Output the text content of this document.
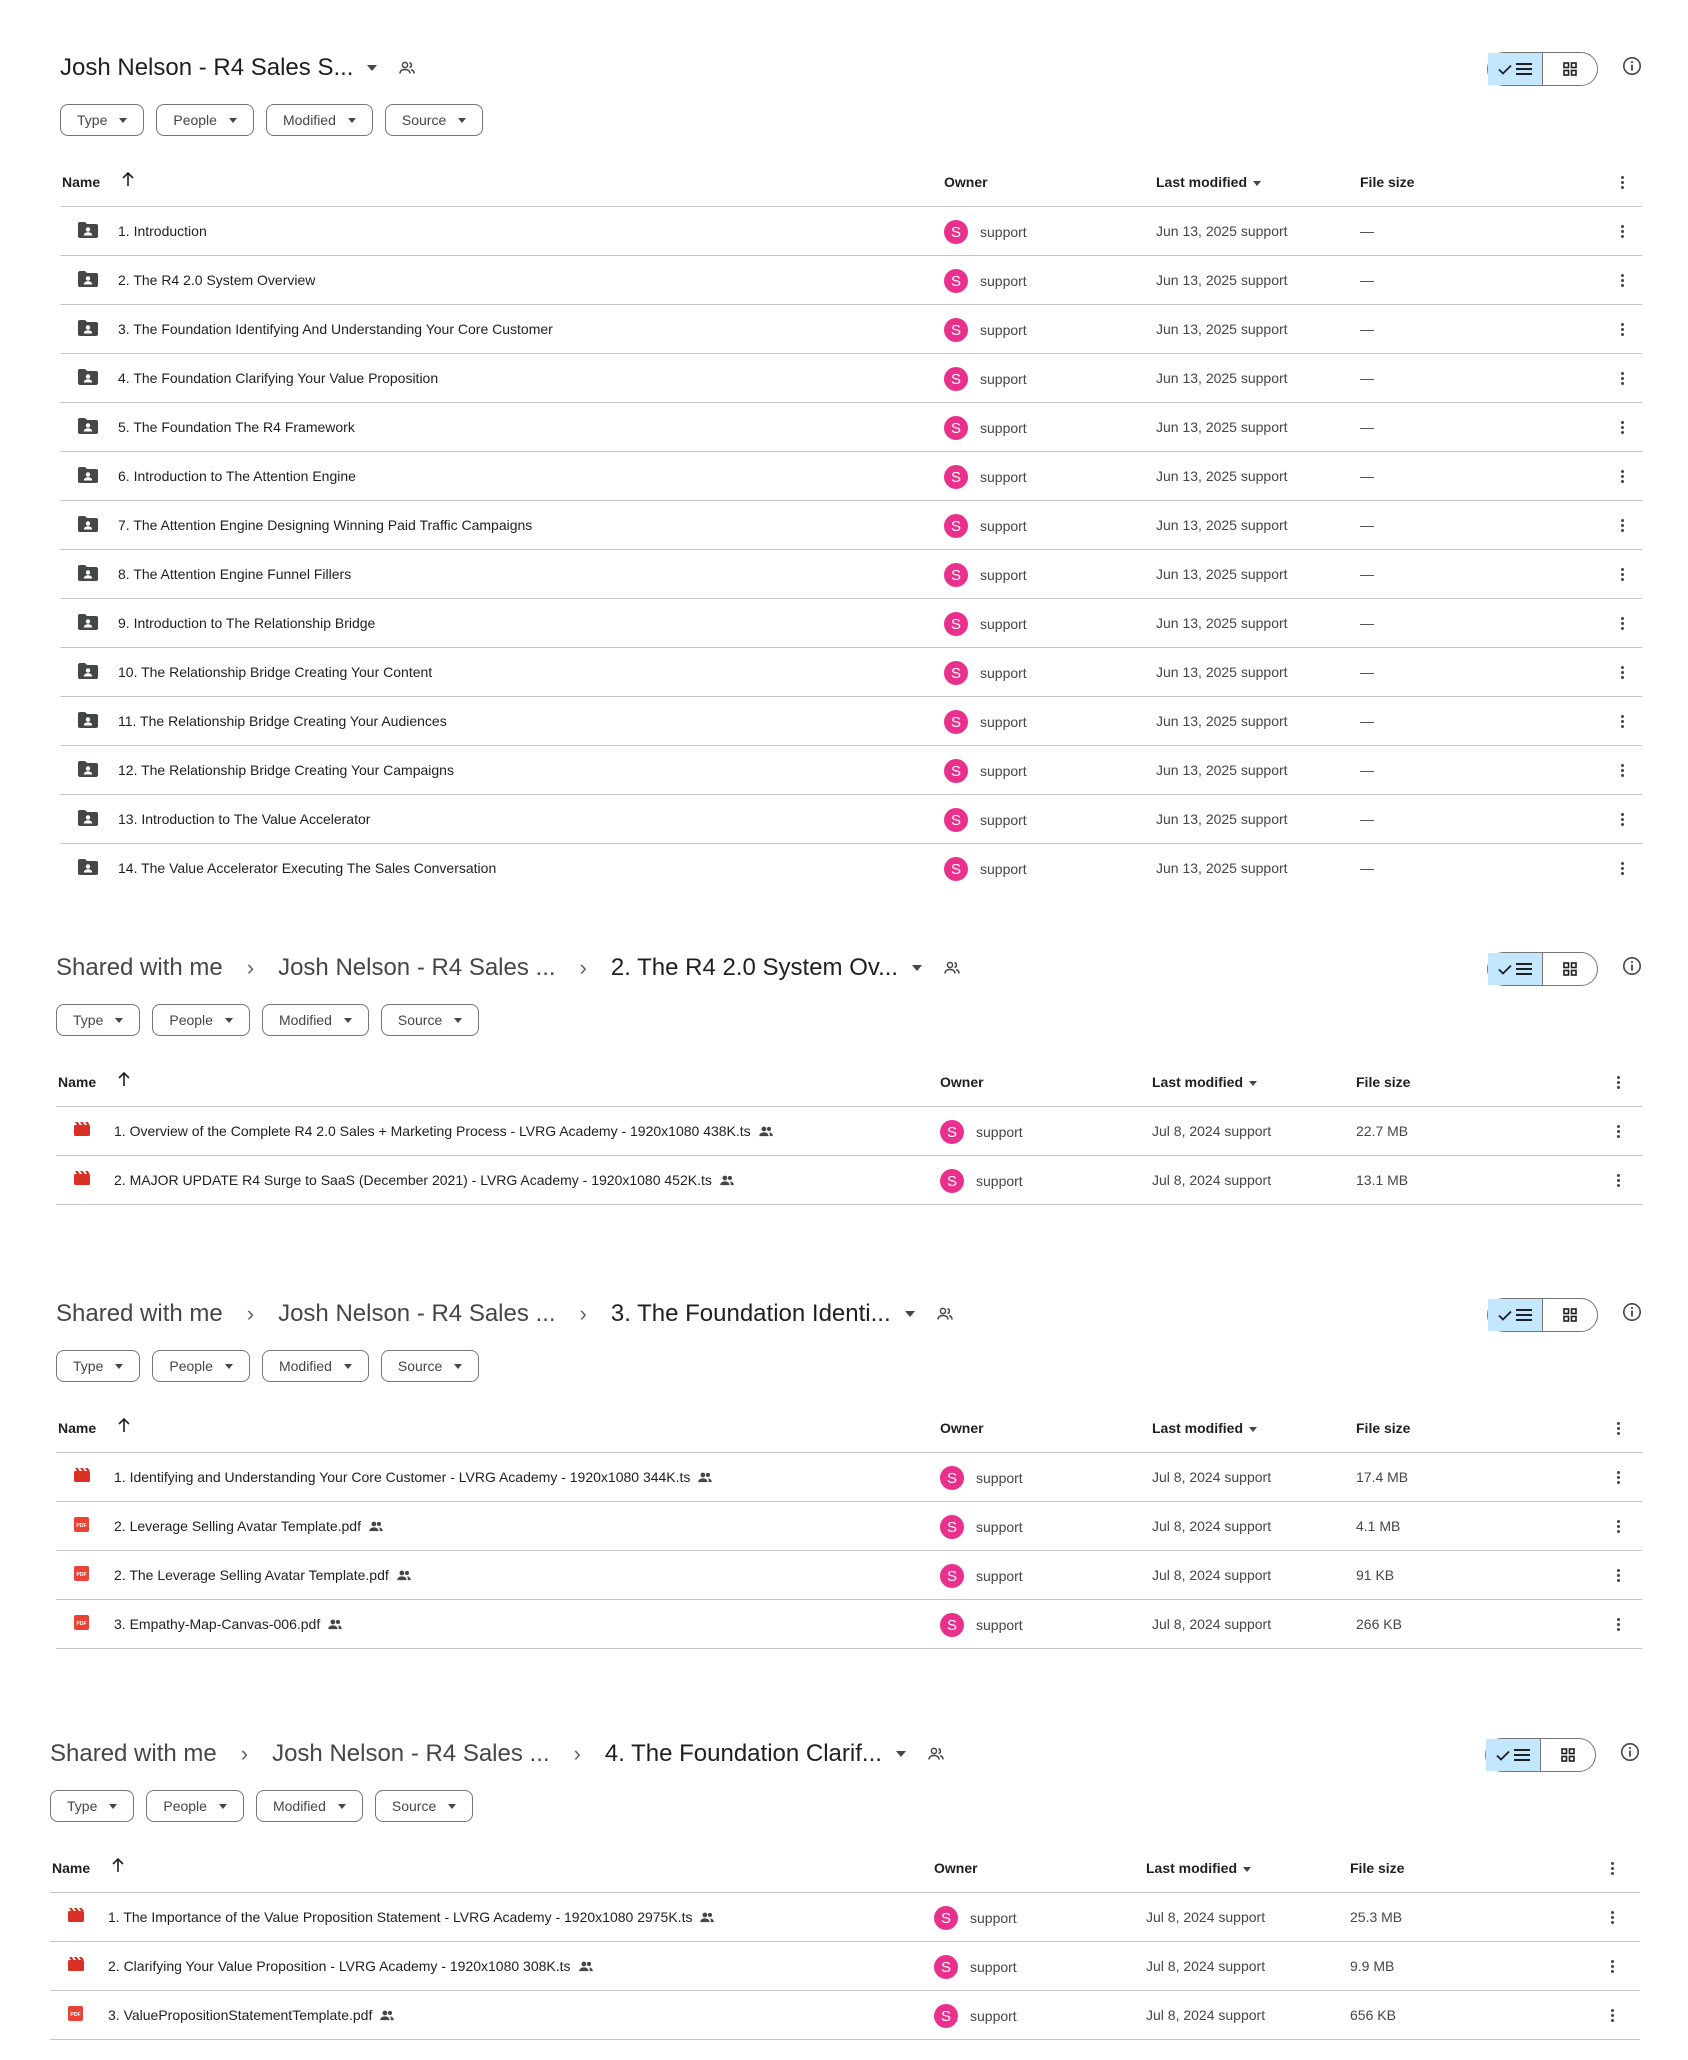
Josh Nelson - R4 Sales S...
Type	People	Modified	Source
Name	Owner	Last modified	File size
1. Introduction	S	support	Jun 13, 2025 support	—
2. The R4 2.0 System Overview	S	support	Jun 13, 2025 support	—
3. The Foundation Identifying And Understanding Your Core Customer	S	support	Jun 13, 2025 support	—
4. The Foundation Clarifying Your Value Proposition	S	support	Jun 13, 2025 support	—
5. The Foundation The R4 Framework	S	support	Jun 13, 2025 support	—
6. Introduction to The Attention Engine	S	support	Jun 13, 2025 support	—
7. The Attention Engine Designing Winning Paid Traffic Campaigns	S	support	Jun 13, 2025 support	—
8. The Attention Engine Funnel Fillers	S	support	Jun 13, 2025 support	—
9. Introduction to The Relationship Bridge	S	support	Jun 13, 2025 support	—
10. The Relationship Bridge Creating Your Content	S	support	Jun 13, 2025 support	—
11. The Relationship Bridge Creating Your Audiences	S	support	Jun 13, 2025 support	—
12. The Relationship Bridge Creating Your Campaigns	S	support	Jun 13, 2025 support	—
13. Introduction to The Value Accelerator	S	support	Jun 13, 2025 support	—
14. The Value Accelerator Executing The Sales Conversation	S	support	Jun 13, 2025 support	—
Shared with me › Josh Nelson - R4 Sales ... › 2. The R4 2.0 System Ov...
Type	People	Modified	Source
Name	Owner	Last modified	File size
1. Overview of the Complete R4 2.0 Sales + Marketing Process - LVRG Academy - 1920x1080 438K.ts	S	support	Jul 8, 2024 support	22.7 MB
2. MAJOR UPDATE R4 Surge to SaaS (December 2021) - LVRG Academy - 1920x1080 452K.ts	S	support	Jul 8, 2024 support	13.1 MB
Shared with me › Josh Nelson - R4 Sales ... › 3. The Foundation Identi...
Type	People	Modified	Source
Name	Owner	Last modified	File size
1. Identifying and Understanding Your Core Customer - LVRG Academy - 1920x1080 344K.ts	S	support	Jul 8, 2024 support	17.4 MB
PDF 2. Leverage Selling Avatar Template.pdf	S	support	Jul 8, 2024 support	4.1 MB
PDF 2. The Leverage Selling Avatar Template.pdf	S	support	Jul 8, 2024 support	91 KB
PDF 3. Empathy-Map-Canvas-006.pdf	S	support	Jul 8, 2024 support	266 KB
Shared with me › Josh Nelson - R4 Sales ... › 4. The Foundation Clarif...
Type	People	Modified	Source
Name	Owner	Last modified	File size
1. The Importance of the Value Proposition Statement - LVRG Academy - 1920x1080 2975K.ts	S	support	Jul 8, 2024 support	25.3 MB
2. Clarifying Your Value Proposition - LVRG Academy - 1920x1080 308K.ts	S	support	Jul 8, 2024 support	9.9 MB
PDF 3. ValuePropositionStatementTemplate.pdf	S	support	Jul 8, 2024 support	656 KB
